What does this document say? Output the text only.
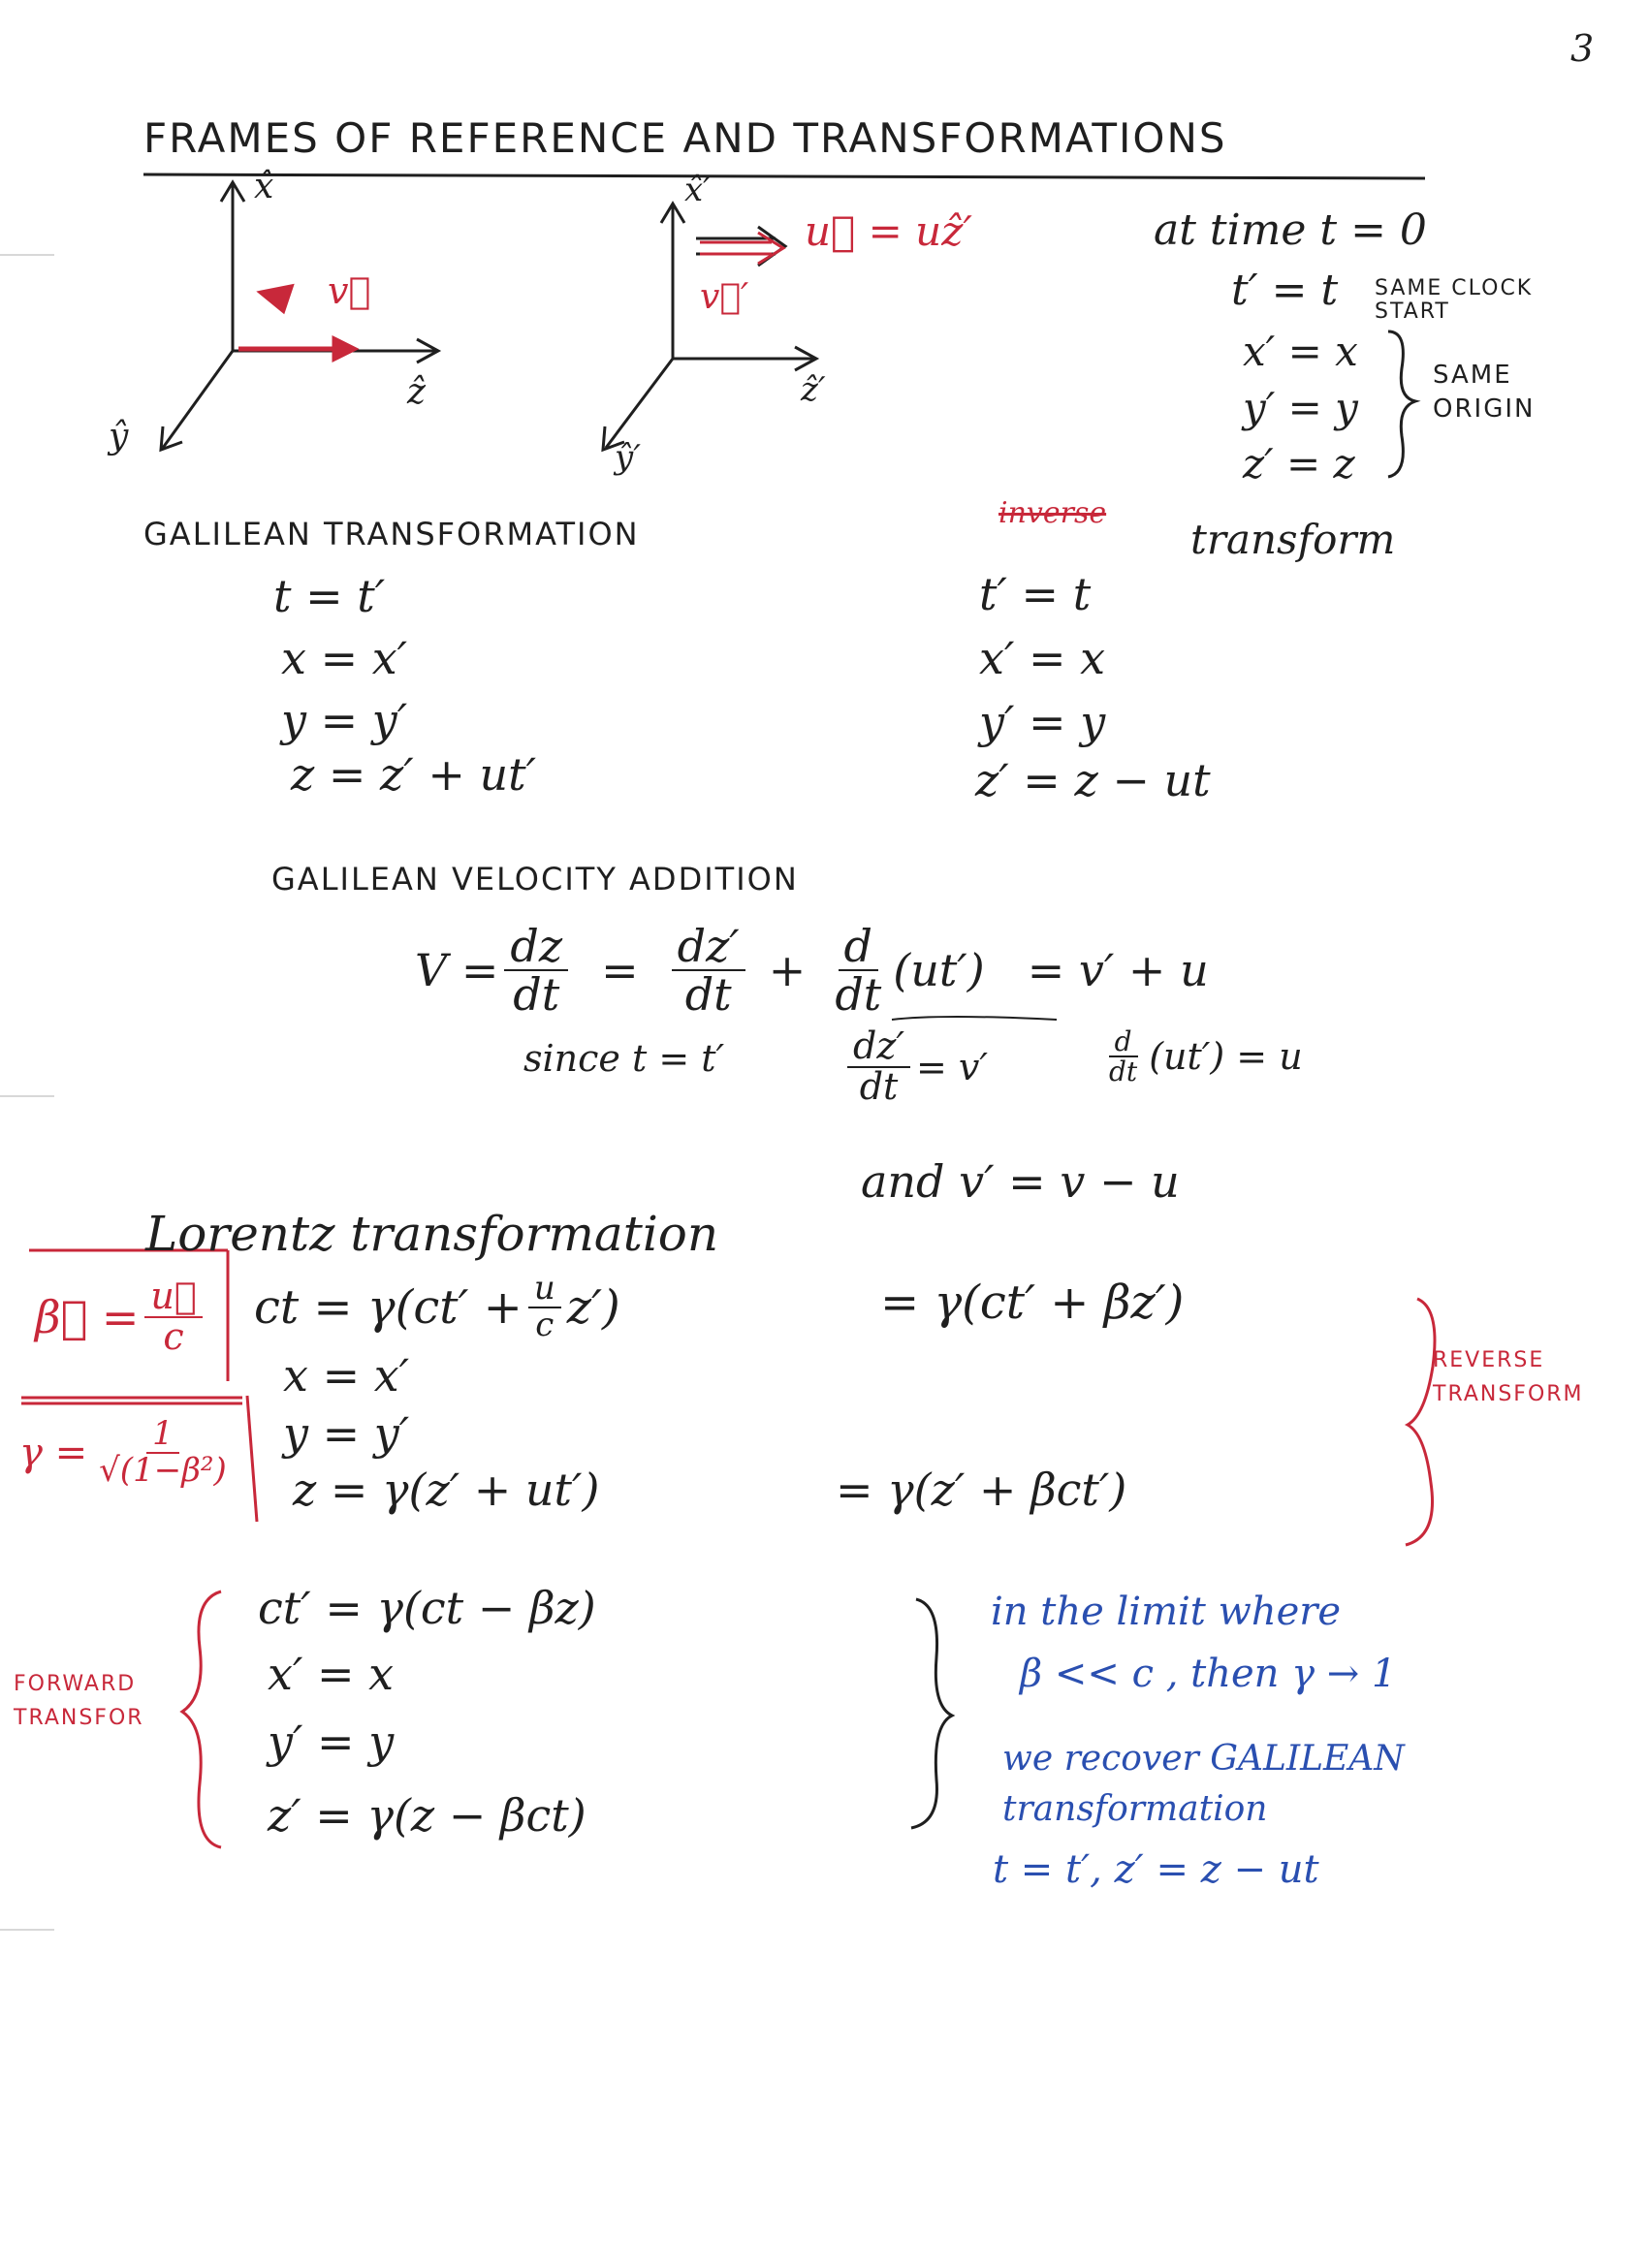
3
FRAMES OF REFERENCE AND TRANSFORMATIONS
x̂
ẑ
ŷ
v⃗
x̂′
ẑ′
ŷ′
v⃗′
u⃗ = uẑ′	at time t = 0
t′ = t SAME CLOCK START
x′ = x
y′ = y
z′ = z
SAME ORIGIN
GALILEAN TRANSFORMATION
t = t′
x = x′
y = y′
z = z′ + ut′
inverse
transform
t′ = t
x′ = x
y′ = y
z′ = z − ut
GALILEAN VELOCITY ADDITION
$V = \frac{dz}{dt} = \frac{dz'}{dt} + \frac{d}{dt} (ut') = v' + u$
since t = t′	$\frac{dz'}{dt} = v'$	$\frac{d}{dt} (ut') = u$
and v′ = v − u
Lorentz transformation
ct = $\gamma(ct' + \frac{u}{c} z')$	= γ(ct′ + βz′)
x = x′
y = y′
z = γ(z′ + ut′)	= γ(z′ + βct′)
REVERSE TRANSFORM
β⃗ = $\frac{u⃗}{c}$
$\gamma = \frac{1}{\text{√(1−β²)}}$
FORWARD TRANSFOR
ct′ = γ(ct − βz)
x′ = x
y′ = y
z′ = γ(z − βct)
in the limit where
β << c , then γ → 1
we recover GALILEAN
transformation
t = t′, z′ = z − ut
